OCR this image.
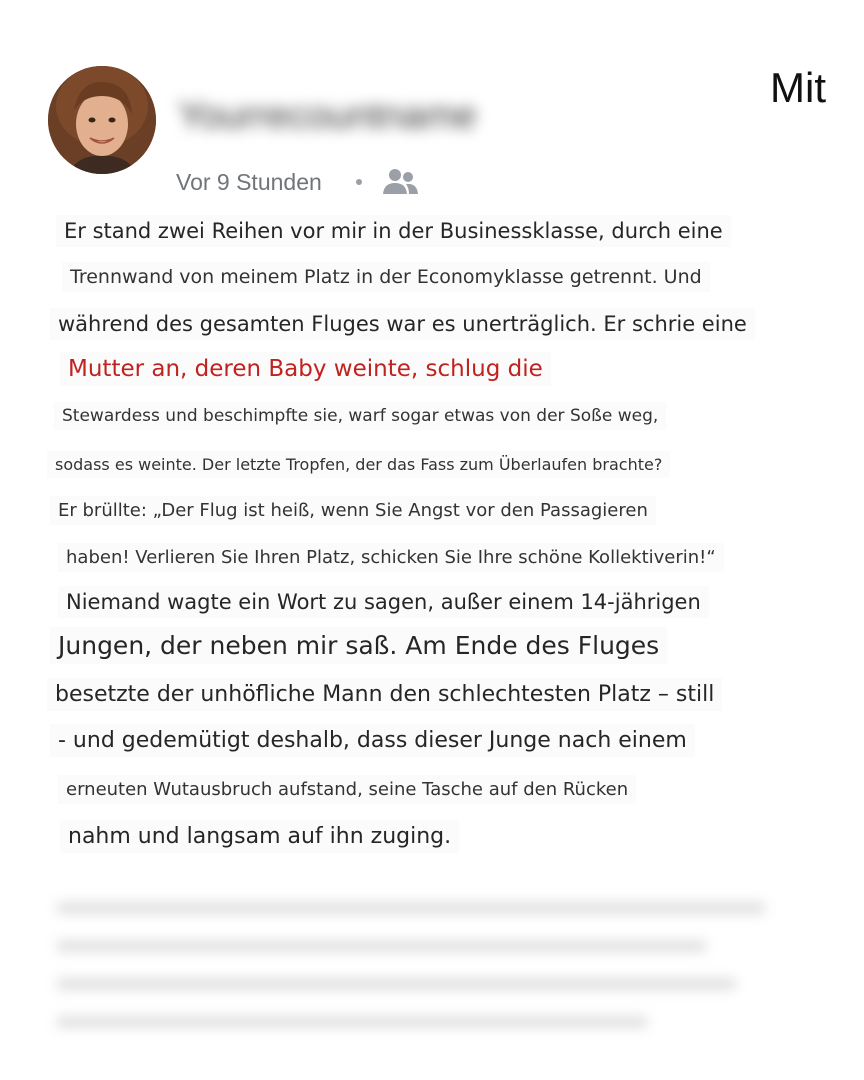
Yourrecountname
Mit
Vor 9 Stunden
Er stand zwei Reihen vor mir in der Businessklasse, durch eine
Trennwand von meinem Platz in der Economyklasse getrennt. Und
während des gesamten Fluges war es unerträglich. Er schrie eine
Mutter an, deren Baby weinte, schlug die
Stewardess und beschimpfte sie, warf sogar etwas von der Soße weg,
sodass es weinte. Der letzte Tropfen, der das Fass zum Überlaufen brachte?
Er brüllte: „Der Flug ist heiß, wenn Sie Angst vor den Passagieren
haben! Verlieren Sie Ihren Platz, schicken Sie Ihre schöne Kollektiverin!“
Niemand wagte ein Wort zu sagen, außer einem 14-jährigen
Jungen, der neben mir saß. Am Ende des Fluges
besetzte der unhöfliche Mann den schlechtesten Platz – still
- und gedemütigt deshalb, dass dieser Junge nach einem
erneuten Wutausbruch aufstand, seine Tasche auf den Rücken
nahm und langsam auf ihn zuging.
